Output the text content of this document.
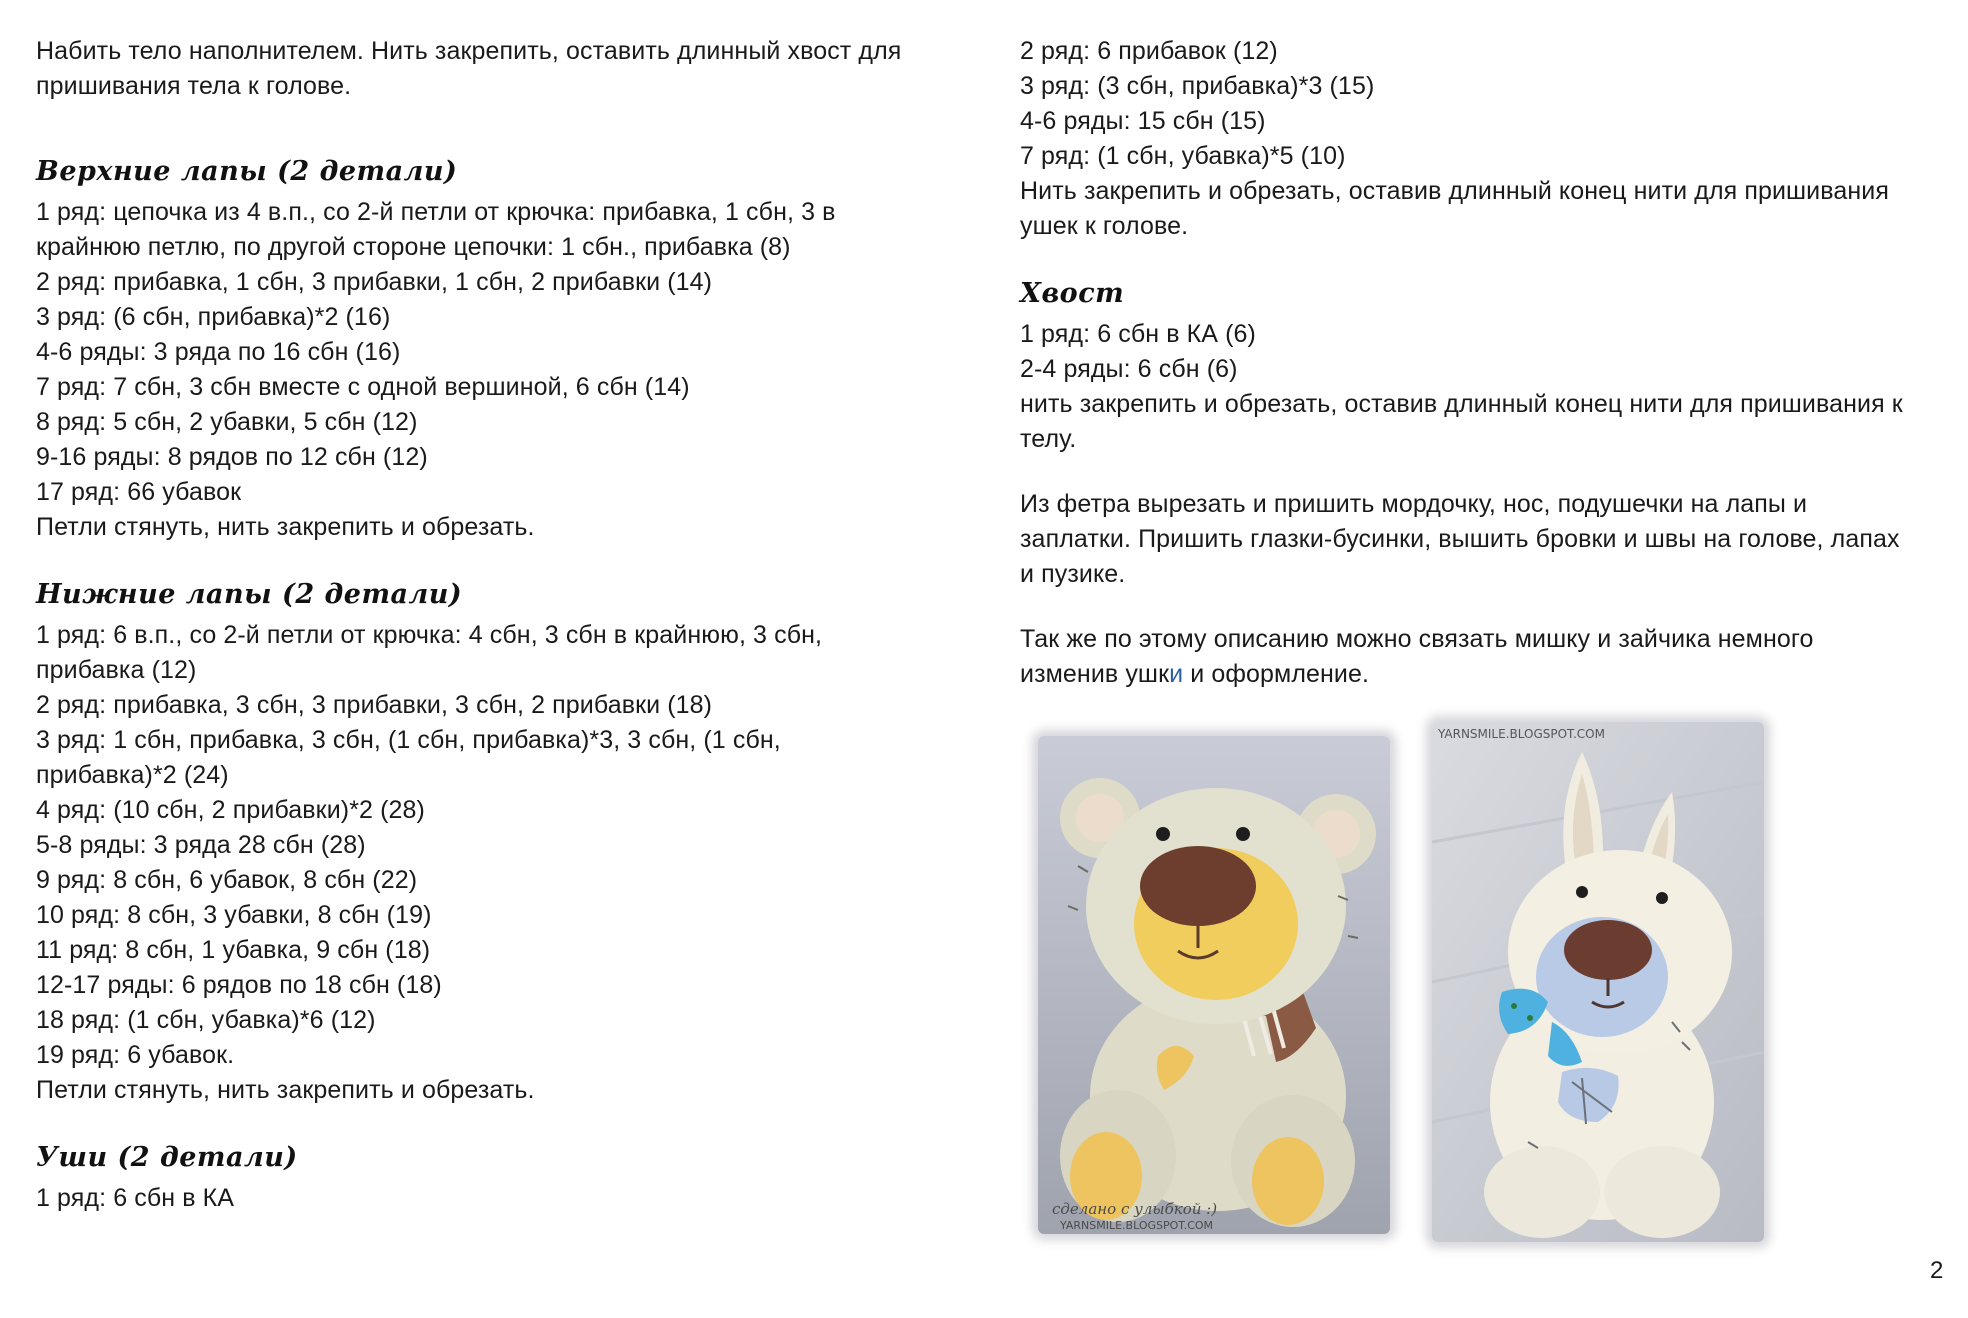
Набить тело наполнителем. Нить закрепить, оставить длинный хвост для
пришивания тела к голове.
Верхние лапы (2 детали)
1 ряд: цепочка из 4 в.п., со 2-й петли от крючка: прибавка, 1 сбн, 3 в
крайнюю петлю, по другой стороне цепочки: 1 сбн., прибавка (8)
2 ряд: прибавка, 1 сбн, 3 прибавки, 1 сбн, 2 прибавки (14)
3 ряд: (6 сбн, прибавка)*2 (16)
4-6 ряды: 3 ряда по 16 сбн (16)
7 ряд: 7 сбн, 3 сбн вместе с одной вершиной, 6 сбн (14)
8 ряд: 5 сбн, 2 убавки, 5 сбн (12)
9-16 ряды: 8 рядов по 12 сбн (12)
17 ряд: 66 убавок
Петли стянуть, нить закрепить и обрезать.
Нижние лапы (2 детали)
1 ряд: 6 в.п., со 2-й петли от крючка: 4 сбн, 3 сбн в крайнюю, 3 сбн,
прибавка (12)
2 ряд: прибавка, 3 сбн, 3 прибавки, 3 сбн, 2 прибавки (18)
3 ряд: 1 сбн, прибавка, 3 сбн, (1 сбн, прибавка)*3, 3 сбн, (1 сбн,
прибавка)*2 (24)
4 ряд: (10 сбн, 2 прибавки)*2 (28)
5-8 ряды: 3 ряда 28 сбн (28)
9 ряд: 8 сбн, 6 убавок, 8 сбн (22)
10 ряд: 8 сбн, 3 убавки, 8 сбн (19)
11 ряд: 8 сбн, 1 убавка, 9 сбн (18)
12-17 ряды: 6 рядов по 18 сбн (18)
18 ряд: (1 сбн, убавка)*6 (12)
19 ряд: 6 убавок.
Петли стянуть, нить закрепить и обрезать.
Уши (2 детали)
1 ряд: 6 сбн в КА
2 ряд: 6 прибавок (12)
3 ряд: (3 сбн, прибавка)*3 (15)
4-6 ряды: 15 сбн (15)
7 ряд: (1 сбн, убавка)*5 (10)
Нить закрепить и обрезать, оставив длинный конец нити для пришивания
ушек к голове.
Хвост
1 ряд: 6 сбн в КА (6)
2-4 ряды: 6 сбн (6)
нить закрепить и обрезать, оставив длинный конец нити для пришивания к
телу.
Из фетра вырезать и пришить мордочку, нос, подушечки на лапы и
заплатки. Пришить глазки-бусинки, вышить бровки и швы на голове, лапах
и пузике.
Так же по этому описанию можно связать мишку и зайчика немного
изменив ушки и оформление.
сделано с улыбкой :)
YARNSMILE.BLOGSPOT.COM
YARNSMILE.BLOGSPOT.COM
2
